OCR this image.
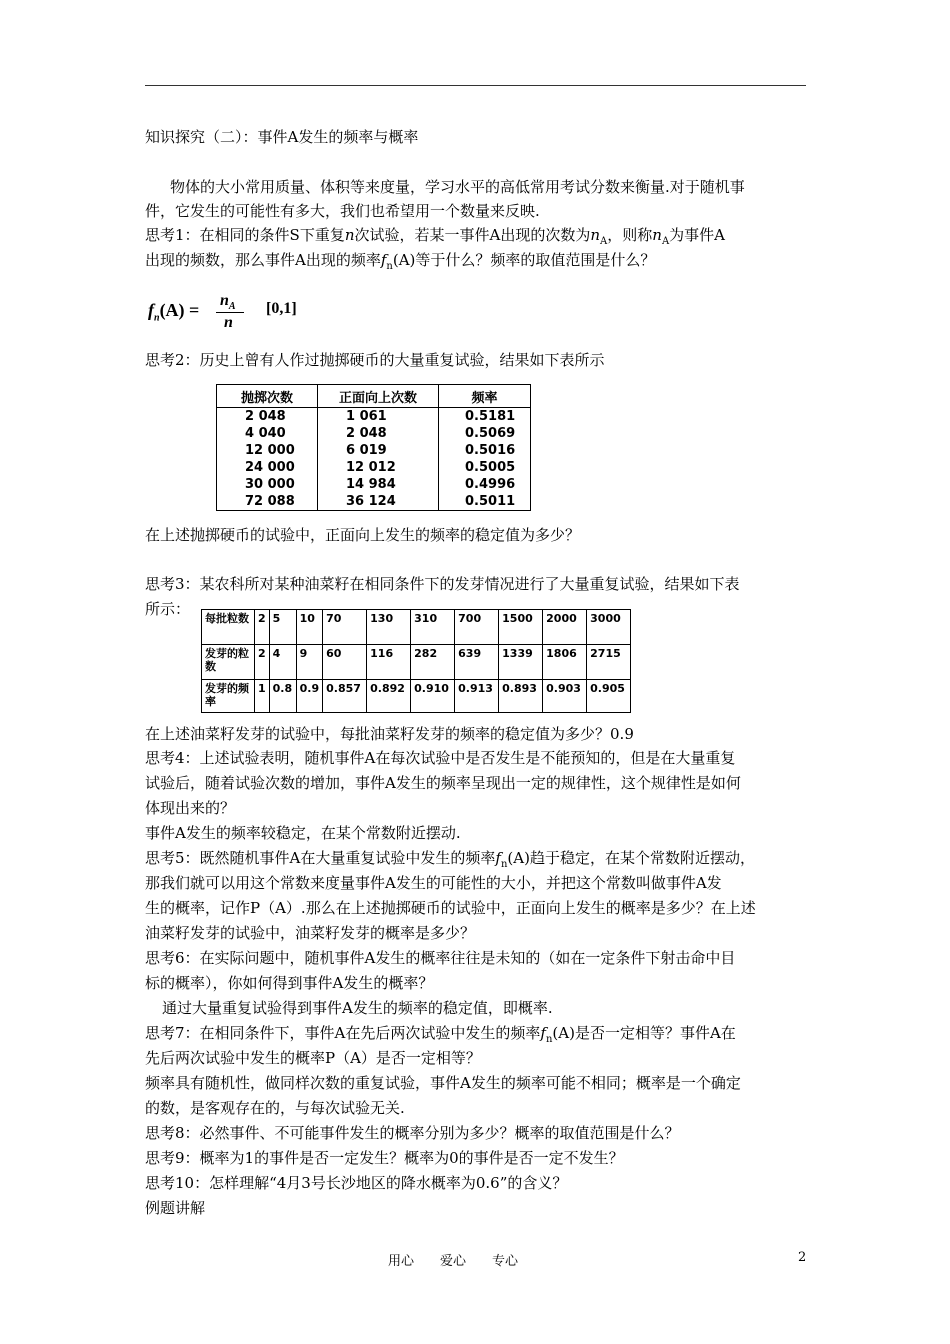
知识探究（二）：事件A发生的频率与概率
物体的大小常用质量、体积等来度量，学习水平的高低常用考试分数来衡量.对于随机事
件，它发生的可能性有多大，我们也希望用一个数量来反映.
思考1：在相同的条件S下重复n次试验，若某一事件A出现的次数为$n_A$，则称$n_A$为事件A
出现的频数，那么事件A出现的频率$f_n(A)$等于什么？频率的取值范围是什么？
$f_n(A) = n_A$
n
[0,1]
思考2：历史上曾有人作过抛掷硬币的大量重复试验，结果如下表所示
抛掷次数	正面向上次数	频率
2 048	1 061	0.5181
4 040	2 048	0.5069
12 000	6 019	0.5016
24 000	12 012	0.5005
30 000	14 984	0.4996
72 088	36 124	0.5011
在上述抛掷硬币的试验中，正面向上发生的频率的稳定值为多少？
思考3：某农科所对某种油菜籽在相同条件下的发芽情况进行了大量重复试验，结果如下表
所示：
每批粒数	2	5	10	70	130	310	700	1500	2000	3000
发芽的粒数	2	4	9	60	116	282	639	1339	1806	2715
发芽的频率	1	0.8	0.9	0.857	0.892	0.910	0.913	0.893	0.903	0.905
在上述油菜籽发芽的试验中，每批油菜籽发芽的频率的稳定值为多少？0.9
思考4：上述试验表明，随机事件A在每次试验中是否发生是不能预知的，但是在大量重复
试验后，随着试验次数的增加，事件A发生的频率呈现出一定的规律性，这个规律性是如何
体现出来的？
事件A发生的频率较稳定，在某个常数附近摆动.
思考5：既然随机事件A在大量重复试验中发生的频率$f_n(A)$趋于稳定，在某个常数附近摆动，
那我们就可以用这个常数来度量事件A发生的可能性的大小，并把这个常数叫做事件A发
生的概率，记作P（A）.那么在上述抛掷硬币的试验中，正面向上发生的概率是多少？在上述
油菜籽发芽的试验中，油菜籽发芽的概率是多少？
思考6：在实际问题中，随机事件A发生的概率往往是未知的（如在一定条件下射击命中目
标的概率），你如何得到事件A发生的概率？
通过大量重复试验得到事件A发生的频率的稳定值，即概率.
思考7：在相同条件下，事件A在先后两次试验中发生的频率$f_n(A)$是否一定相等？事件A在
先后两次试验中发生的概率P（A）是否一定相等？
频率具有随机性，做同样次数的重复试验，事件A发生的频率可能不相同；概率是一个确定
的数，是客观存在的，与每次试验无关.
思考8：必然事件、不可能事件发生的概率分别为多少？概率的取值范围是什么？
思考9：概率为1的事件是否一定发生？概率为0的事件是否一定不发生？
思考10：怎样理解“4月3号长沙地区的降水概率为0.6”的含义？
例题讲解
用心　　爱心　　专心	2
